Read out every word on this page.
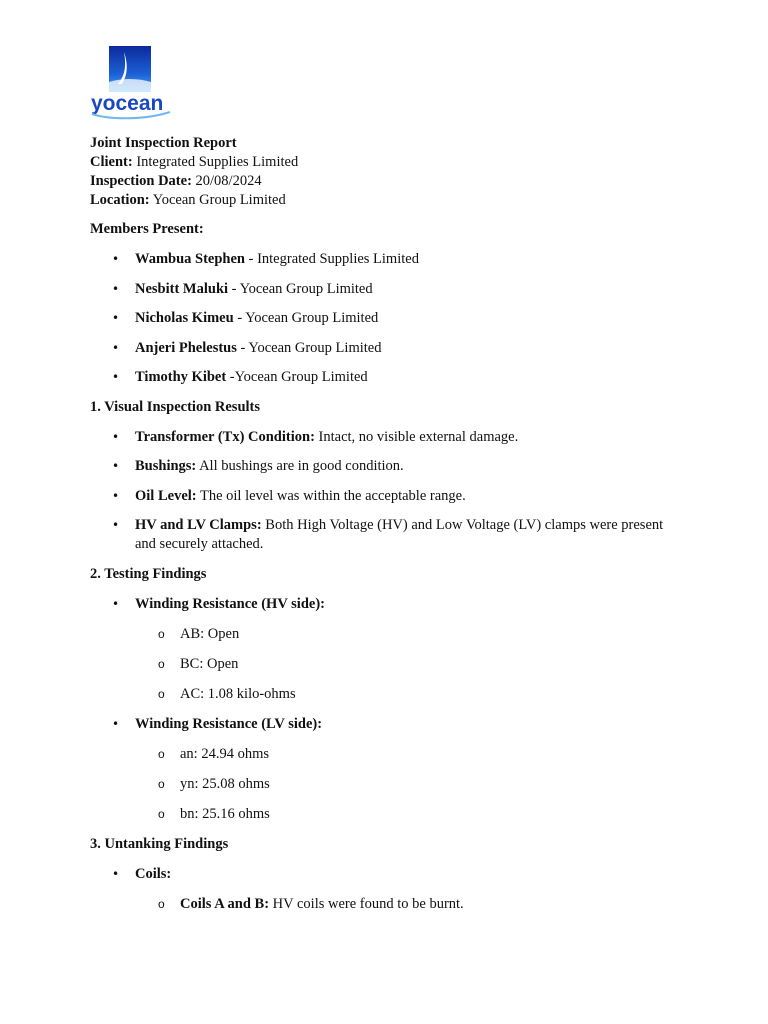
yocean

Joint Inspection Report

Client: Integrated Supplies Limited

Inspection Date: 20/08/2024

Location: Yocean Group Limited

Members Present:

• Wambua Stephen - Integrated Supplies Limited
• Nesbitt Maluki - Yocean Group Limited
• Nicholas Kimeu - Yocean Group Limited
• Anjeri Phelestus - Yocean Group Limited
• Timothy Kibet -Yocean Group Limited

1. Visual Inspection Results

• Transformer (Tx) Condition: Intact, no visible external damage.
• Bushings: All bushings are in good condition.
• Oil Level: The oil level was within the acceptable range.
• HV and LV Clamps: Both High Voltage (HV) and Low Voltage (LV) clamps were present and securely attached.

2. Testing Findings

• Winding Resistance (HV side):
o AB: Open
o BC: Open
o AC: 1.08 kilo-ohms
• Winding Resistance (LV side):
o an: 24.94 ohms
o yn: 25.08 ohms
o bn: 25.16 ohms

3. Untanking Findings

• Coils:
o Coils A and B: HV coils were found to be burnt.
